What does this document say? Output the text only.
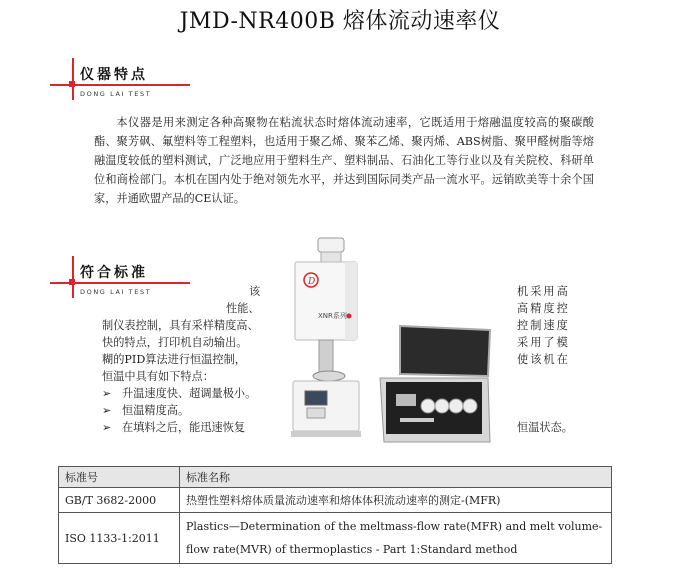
JMD-NR400B 熔体流动速率仪
仪器特点
DONG LAI TEST
本仪器是用来测定各种高聚物在粘流状态时熔体流动速率，它既适用于熔融温度较高的聚碳酸酯、聚芳砜、氟塑料等工程塑料，也适用于聚乙烯、聚苯乙烯、聚丙烯、ABS树脂、聚甲醛树脂等熔融温度较低的塑料测试，广泛地应用于塑料生产、塑料制品、石油化工等行业以及有关院校、科研单位和商检部门。本机在国内处于绝对领先水平，并达到国际同类产品一流水平。远销欧美等十余个国家，并通欧盟产品的CE认证。
符合标准
DONG LAI TEST	该
性能、
制仪表控制，具有采样精度高、
快的特点，打印机自动输出。
糊的PID算法进行恒温控制，
恒温中具有如下特点：
➢ 升温速度快、超调量极小。
➢ 恒温精度高。
➢ 在填料之后，能迅速恢复
机采用高
高精度控
控制速度
采用了模
使该机在
恒温状态。
D
XNR系列
标准号	标准名称
GB/T 3682-2000	热塑性塑料熔体质量流动速率和熔体体积流动速率的测定-(MFR)
ISO 1133-1:2011	Plastics—Determination of the meltmass-flow rate(MFR) and melt volume-flow rate(MVR) of thermoplastics - Part 1:Standard method
